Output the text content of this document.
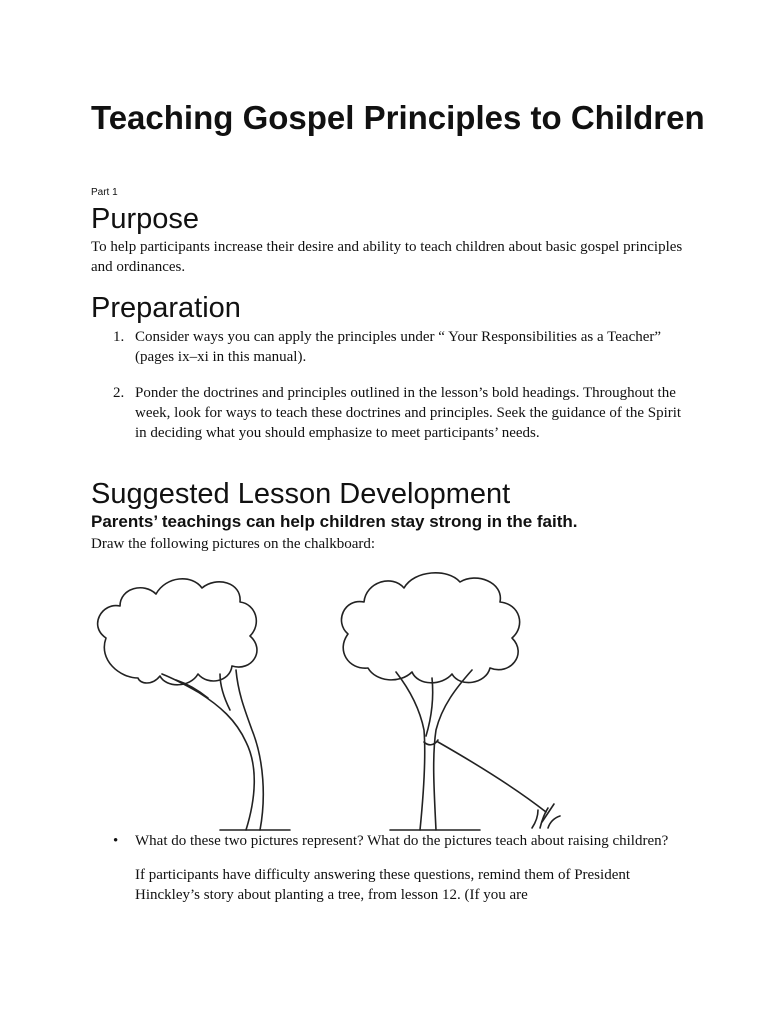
Teaching Gospel Principles to Children

Part 1

Purpose

To help participants increase their desire and ability to teach children about basic gospel principles and ordinances.

Preparation
1. Consider ways you can apply the principles under “ Your Responsibilities as a Teacher” (pages ix–xi in this manual).
2. Ponder the doctrines and principles outlined in the lesson’s bold headings. Throughout the week, look for ways to teach these doctrines and principles. Seek the guidance of the Spirit in deciding what you should emphasize to meet participants’ needs.
Suggested Lesson Development

Parents’ teachings can help children stay strong in the faith.

Draw the following pictures on the chalkboard:

• What do these two pictures represent? What do the pictures teach about raising children?

If participants have difficulty answering these questions, remind them of President Hinckley’s story about planting a tree, from lesson 12. (If you are
